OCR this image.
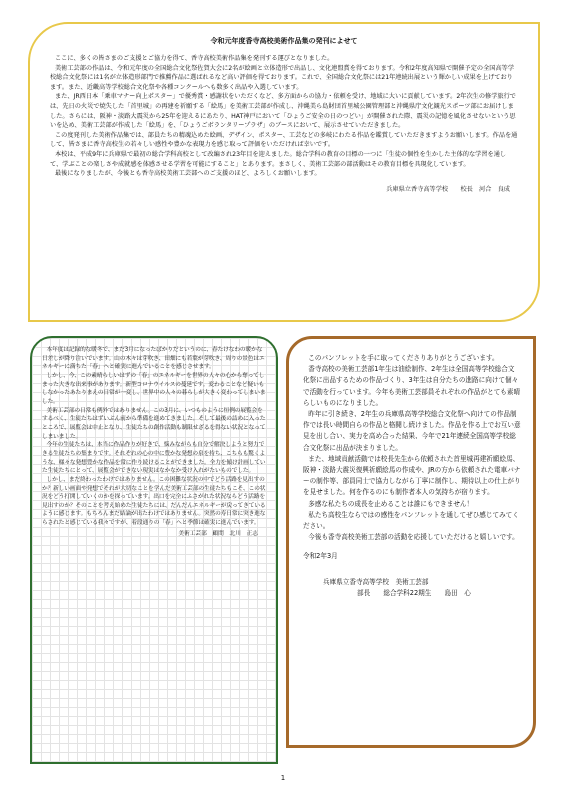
令和元年度香寺高校美術作品集の発刊によせて

ここに、多くの皆さまのご支援とご協力を得て、香寺高校美術作品集を発刊する運びとなりました。

美術工芸部の作品は、令和元年度の全国総合文化祭佐賀大会に2名が絵画と立体造形で出品し、文化連盟賞を得ております。令和2年度高知県で開催予定の全国高等学校総合文化祭には1名が立体造形部門で推薦作品に選ばれるなど高い評価を得ております。これで、全国総合文化祭には21年連続出展という輝かしい成果を上げております。また、近畿高等学校総合文化祭や各種コンクールへも数多く出品や入選しています。

また、JR西日本「乗車マナー向上ポスター」で優秀賞・感謝状をいただくなど、多方面からの協力・依頼を受け、地域に大いに貢献しています。2年次生の修学旅行では、先日の火災で焼失した「首里城」の再建を祈願する「絵馬」を美術工芸部が作成し、沖縄美ら島財団首里城公園管理部と沖縄県庁文化観光スポーツ部にお届けしました。さらには、阪神・淡路大震災から25年を迎えるにあたり、HAT神戸において「ひょうご安全の日のつどい」が開催された際、震災の記憶を風化させないという思いを込め、美術工芸部が作成した「絵馬」を、「ひょうごボランタリープラザ」のブースにおいて、展示させていただきました。

この度発刊した美術作品集では、部員たちの精魂込めた絵画、デザイン、ポスター、工芸などの多岐にわたる作品を鑑賞していただきますようお願いします。作品を通して、皆さまに香寺高校生の若々しい感性や豊かな表現力を感じ取って評価をいただければ幸いです。

本校は、平成9年に兵庫県で最初の総合学科高校として改編され23年目を迎えました。総合学科の教育の目標の一つに「生徒の個性を生かした主体的な学習を通して、学ぶことの楽しさや成就感を体感させる学習を可能にすること」とあります。まさしく、美術工芸部の部活動はその教育目標を具現化しています。

最後になりましたが、今後とも香寺高校美術工芸部へのご支援のほど、よろしくお願いします。

兵庫県立香寺高等学校　　校長　河合　良成

本年度は記録的な暖冬で、まだ3月になったばかりだというのに、春たけなわの暖かな日差しが降り注いでいます。山の木々は芽吹き、田畑にも若葉が芽吹き、周りの景色はエネルギーに満ちた「春」へと確実に進んでいることを感じさせます。

しかし、今、この素晴らしいはずの「春」のエネルギーを世界の人々の心から奪ってしまった大きな出来事があります。新型コロナウイルスの蔓延です。変わることなど疑いもしなかったあたりまえの日常が一変し、世界中の人々の暮らしが大きく変わってしまいました。

美術工芸部の日常も例外ではありません。この3月に、いつものように恒例の展覧会をするべく、生徒たちはずいぶん前から準備を進めてきました。そして最後の詰めに入ったところで、展覧会は中止となり、生徒たちの創作活動も制限せざるを得ない状況となってしまいました。

今年の生徒たちは、本当に作品作りが好きで、悩みながらも自分で解決しようと努力できる生徒たちの集まりです。それぞれの心の中に豊かな発想の泉を持ち、こちらも驚くような、様々な発想豊かな作品を常に作り続けることができました。全力を傾け計画していた生徒たちにとって、展覧会ができない現実はなかなか受け入れがたいものでした。

しかし、まだ終わったわけではありません。この困難な状況の中でどう活路を見出すのか？新しい画面や発想でそれが大切なことを学んだ美術工芸部の生徒たちもこそ、この状況をどう打開していくのかを探っています。出口を完全にふさがれた状況ならどう活路を見出すのか？そのことを考え始めた生徒たちには、だんだんエネルギーが戻ってきているように感じます。もちろんまだ結論が出たわけではありません。突然の寿日常に突き進ならされたと感じている我々ですが、着段通りの「春」へと季節は確実に進んでいます。

美術工芸部　顧問　北川　正志

このパンフレットを手に取ってくださりありがとうございます。

香寺高校の美術工芸部1年生は油絵制作、2年生は全国高等学校総合文化祭に出品するための作品づくり、3年生は自分たちの進路に向けて個々で活動を行っています。今年も美術工芸部員それぞれの作品がとても素晴らしいものになりました。

昨年に引き続き、2年生の兵庫県高等学校総合文化祭へ向けての作品制作では長い時間自らの作品と格闘し続けました。作品を作る上でお互い意見を出し合い、実力を高め合った結果、今年で21年連続全国高等学校総合文化祭に出品が決まりました。

また、地域貢献活動では校長先生から依頼された首里城再建祈願絵馬、阪神・淡路大震災復興祈願絵馬の作成や、JRの方から依頼された電車バナーの制作等、部員同士で協力しながら丁寧に制作し、期待以上の仕上がりを見せました。何を作るのにも制作者本人の気持ちが宿ります。

多感な私たちの成長を止めることは誰にもできません！

私たち高校生ならではの感性をパンフレットを通してぜひ感じてみてください。

今後も香寺高校美術工芸部の活動を応援していただけると嬉しいです。

令和2年3月

兵庫県立香寺高等学校　美術工芸部

部長　　総合学科22期生　　島田　心

1
